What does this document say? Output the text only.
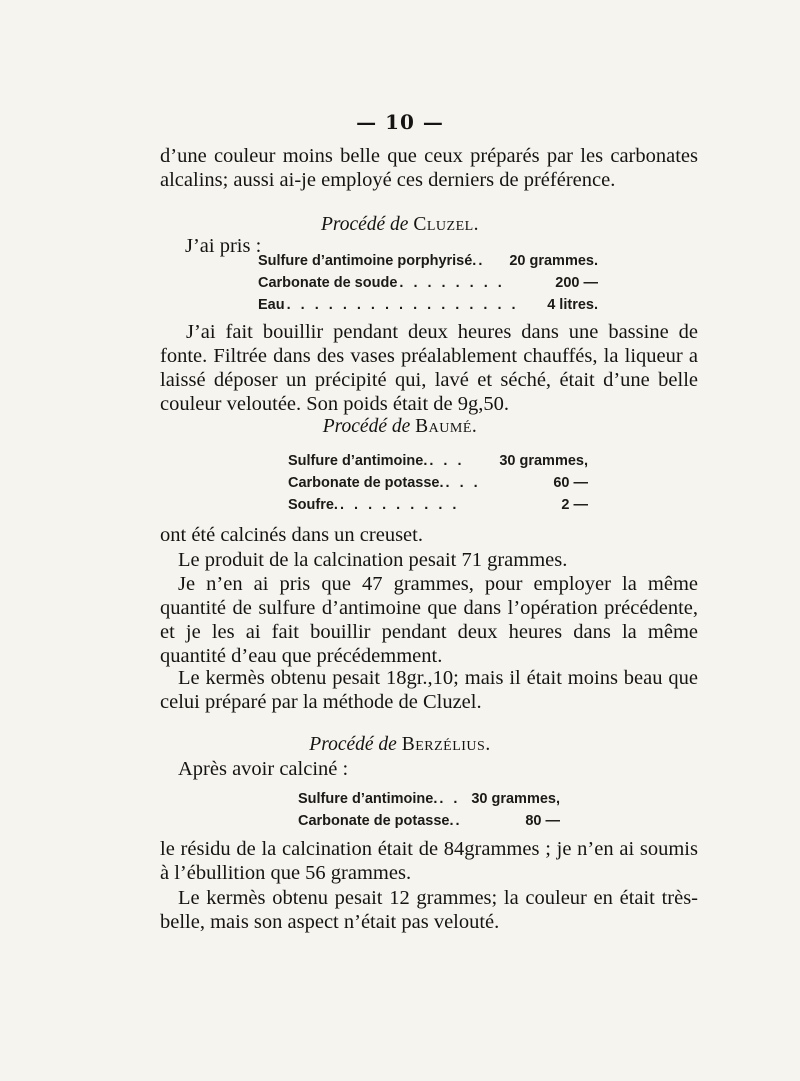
— 10 —
d’une couleur moins belle que ceux préparés par les carbonates alcalins; aussi ai-je employé ces derniers de préférence.
Procédé de Cluzel.
J’ai pris :
Sulfure d’antimoine porphyrisé. .	20 grammes.
Carbonate de soude . . . . . . . .	200 —
Eau . . . . . . . . . . . . . . . . .	4 litres.
J’ai fait bouillir pendant deux heures dans une bassine de fonte. Filtrée dans des vases préalablement chauffés, la liqueur a laissé déposer un précipité qui, lavé et séché, était d’une belle couleur veloutée. Son poids était de 9g,50.
Procédé de Baumé.
Sulfure d’antimoine. . . .	30 grammes,
Carbonate de potasse. . . .	60 —
Soufre. . . . . . . . . .	2 —
ont été calcinés dans un creuset.
Le produit de la calcination pesait 71 grammes.
Je n’en ai pris que 47 grammes, pour employer la même quantité de sulfure d’antimoine que dans l’opération précédente, et je les ai fait bouillir pendant deux heures dans la même quantité d’eau que précédemment.
Le kermès obtenu pesait 18gr.,10; mais il était moins beau que celui préparé par la méthode de Cluzel.
Procédé de Berzélius.
Après avoir calciné :
Sulfure d’antimoine. . . 30 grammes,
Carbonate de potasse. .	80 —
le résidu de la calcination était de 84grammes ; je n’en ai soumis à l’ébullition que 56 grammes.
Le kermès obtenu pesait 12 grammes; la couleur en était très-belle, mais son aspect n’était pas velouté.
